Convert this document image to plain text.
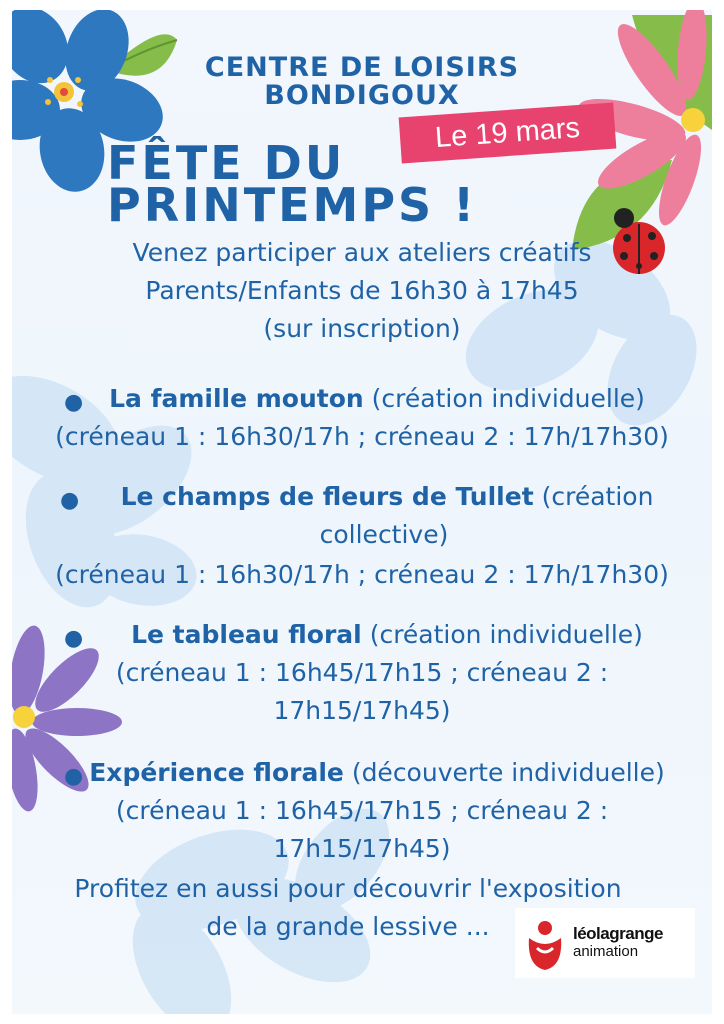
léolagrange
animation
CENTRE DE LOISIRS
BONDIGOUX
Le 19 mars
FÊTE DU
PRINTEMPS !
Venez participer aux ateliers créatifs
Parents/Enfants de 16h30 à 17h45
(sur inscription)
●	La famille mouton (création individuelle)
(créneau 1 : 16h30/17h ; créneau 2 : 17h/17h30)
●	Le champs de fleurs de Tullet (création
collective)
(créneau 1 : 16h30/17h ; créneau 2 : 17h/17h30)
●	Le tableau floral (création individuelle)
(créneau 1 : 16h45/17h15 ; créneau 2 :
17h15/17h45)
● Expérience florale (découverte individuelle)
(créneau 1 : 16h45/17h15 ; créneau 2 :
17h15/17h45)
Profitez en aussi pour découvrir l'exposition
de la grande lessive ...
